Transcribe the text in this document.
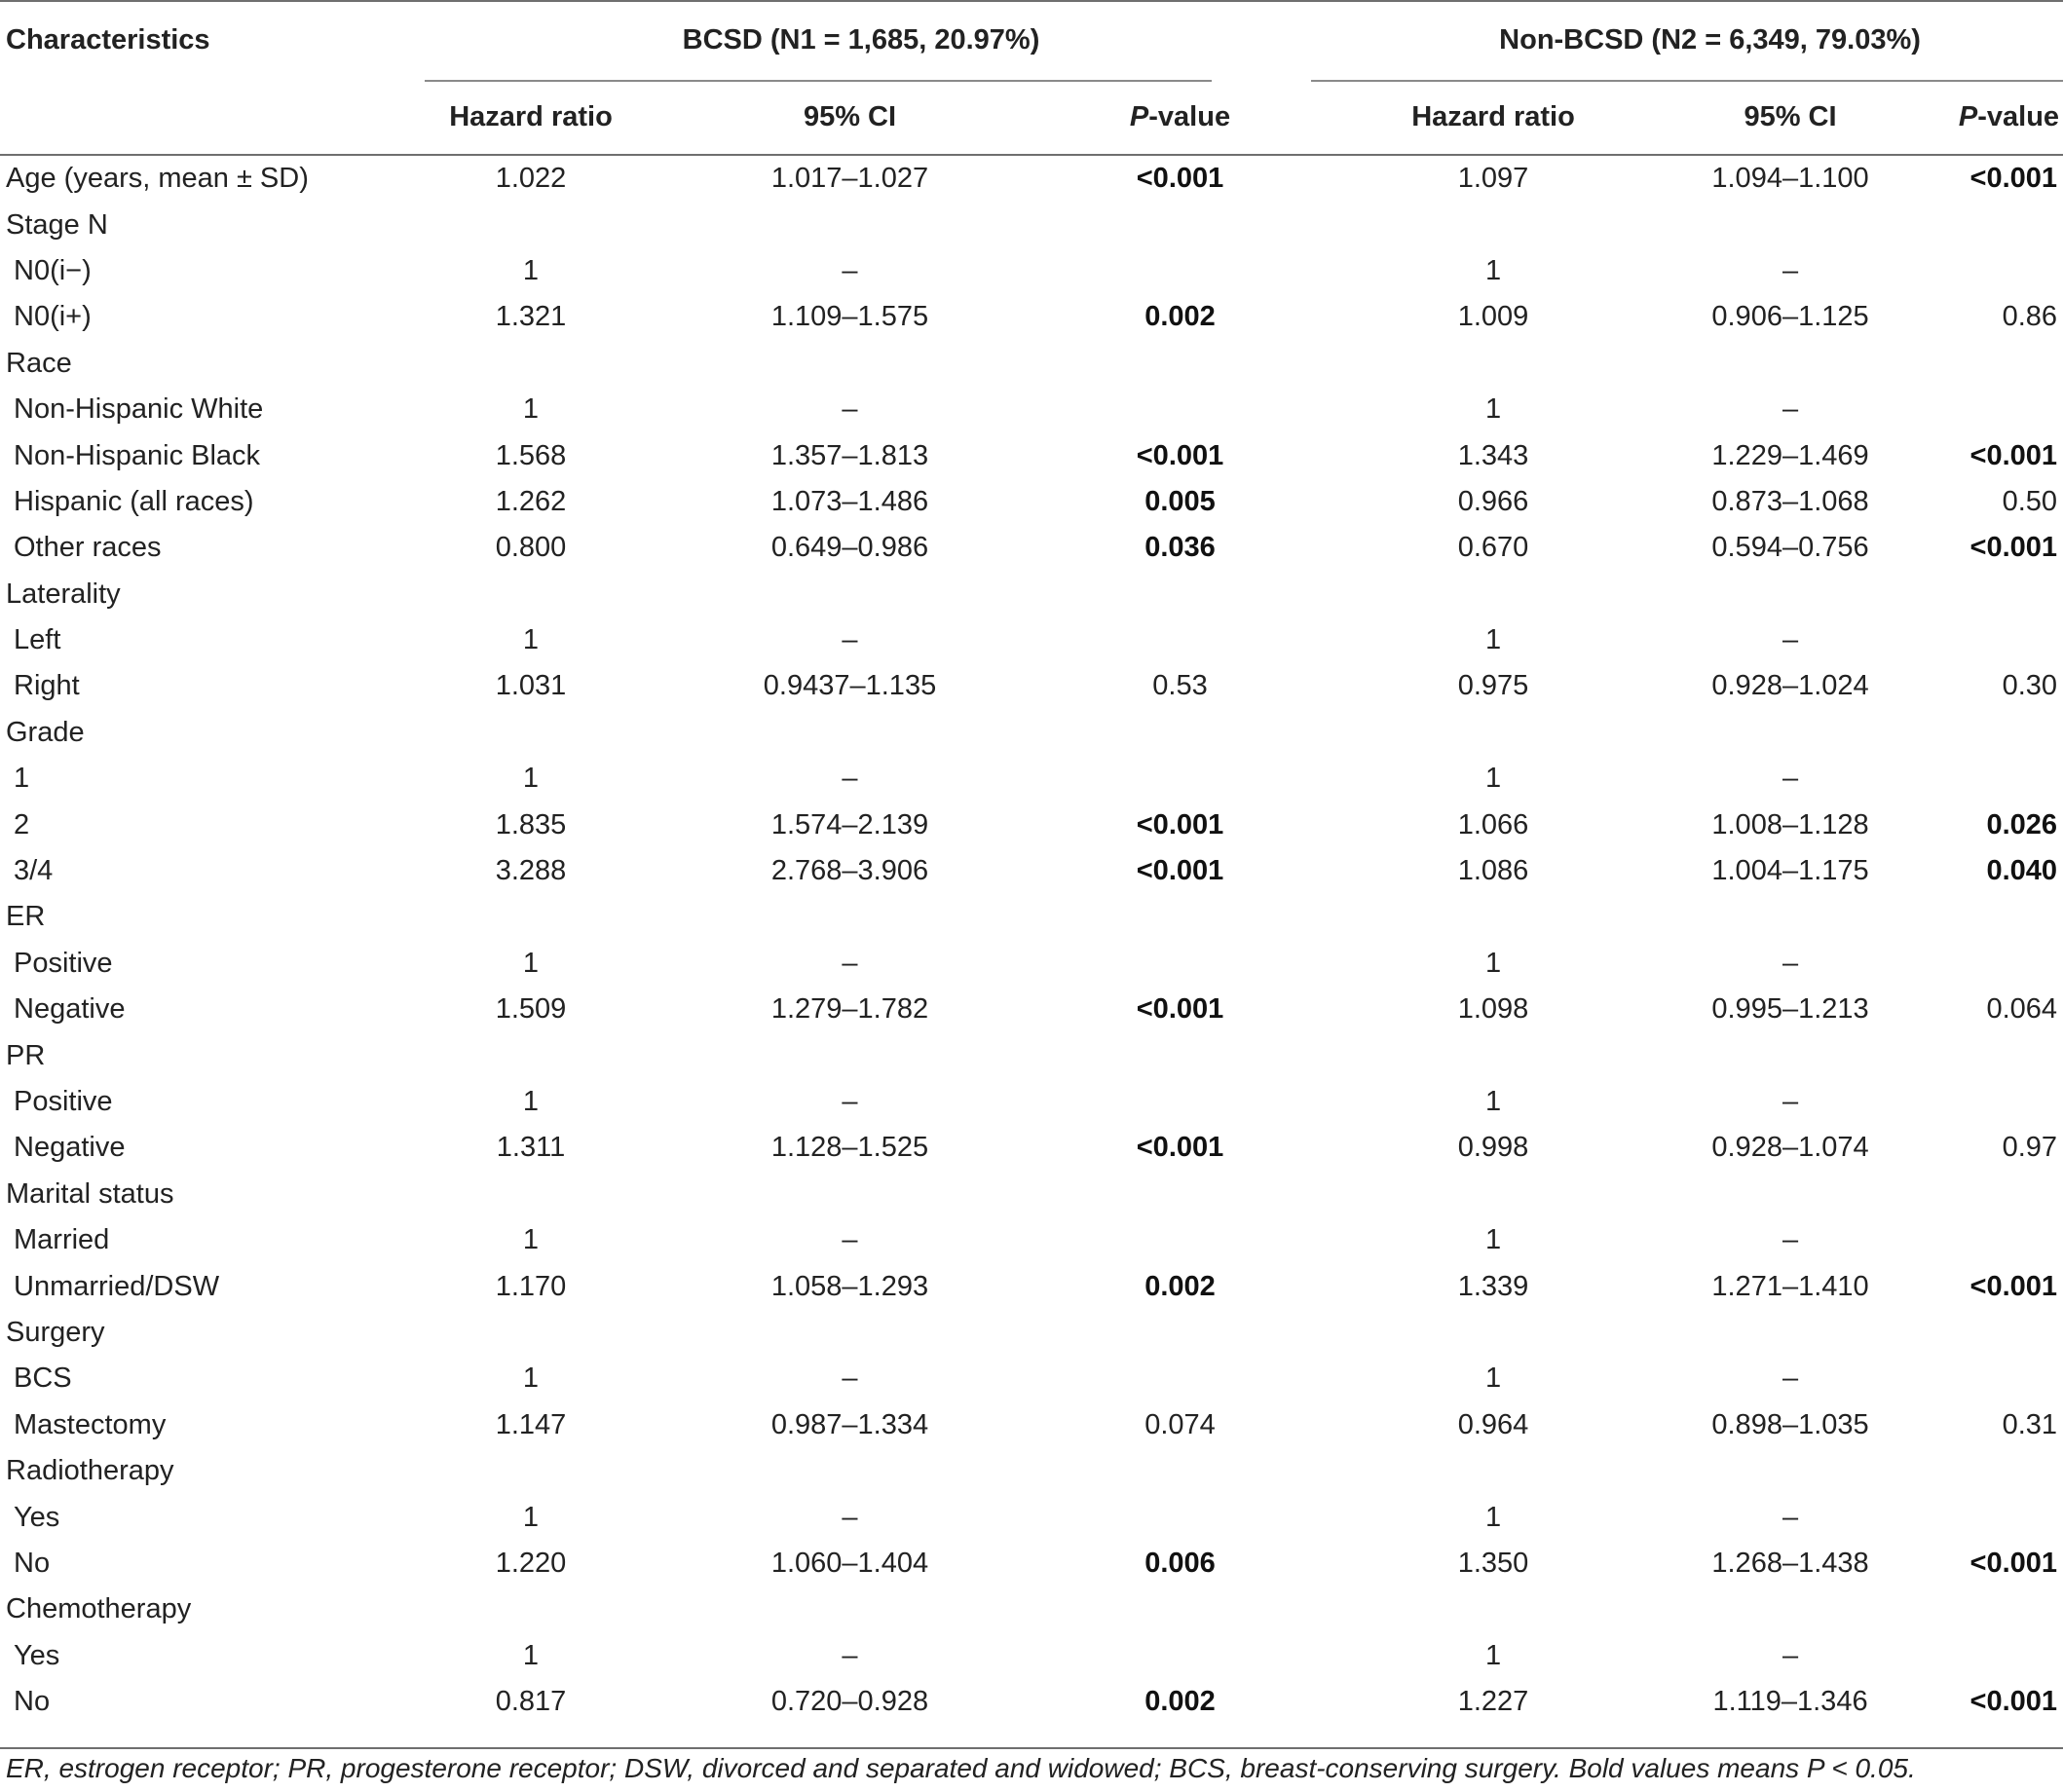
Characteristics	BCSD (N1 = 1,685, 20.97%)				Non-BCSD (N2 = 6,349, 79.03%)		
	Hazard ratio	95% CI	P-value		Hazard ratio	95% CI	P-value
Age (years, mean ± SD)	1.022	1.017–1.027	<0.001		1.097	1.094–1.100	<0.001
Stage N							
N0(i−)	1	–			1	–	
N0(i+)	1.321	1.109–1.575	0.002		1.009	0.906–1.125	0.86
Race							
Non-Hispanic White	1	–			1	–	
Non-Hispanic Black	1.568	1.357–1.813	<0.001		1.343	1.229–1.469	<0.001
Hispanic (all races)	1.262	1.073–1.486	0.005		0.966	0.873–1.068	0.50
Other races	0.800	0.649–0.986	0.036		0.670	0.594–0.756	<0.001
Laterality							
Left	1	–			1	–	
Right	1.031	0.9437–1.135	0.53		0.975	0.928–1.024	0.30
Grade							
1	1	–			1	–	
2	1.835	1.574–2.139	<0.001		1.066	1.008–1.128	0.026
3/4	3.288	2.768–3.906	<0.001		1.086	1.004–1.175	0.040
ER							
Positive	1	–			1	–	
Negative	1.509	1.279–1.782	<0.001		1.098	0.995–1.213	0.064
PR							
Positive	1	–			1	–	
Negative	1.311	1.128–1.525	<0.001		0.998	0.928–1.074	0.97
Marital status							
Married	1	–			1	–	
Unmarried/DSW	1.170	1.058–1.293	0.002		1.339	1.271–1.410	<0.001
Surgery							
BCS	1	–			1	–	
Mastectomy	1.147	0.987–1.334	0.074		0.964	0.898–1.035	0.31
Radiotherapy							
Yes	1	–			1	–	
No	1.220	1.060–1.404	0.006		1.350	1.268–1.438	<0.001
Chemotherapy							
Yes	1	–			1	–	
No	0.817	0.720–0.928	0.002		1.227	1.119–1.346	<0.001
ER, estrogen receptor; PR, progesterone receptor; DSW, divorced and separated and widowed; BCS, breast-conserving surgery. Bold values means P < 0.05.
